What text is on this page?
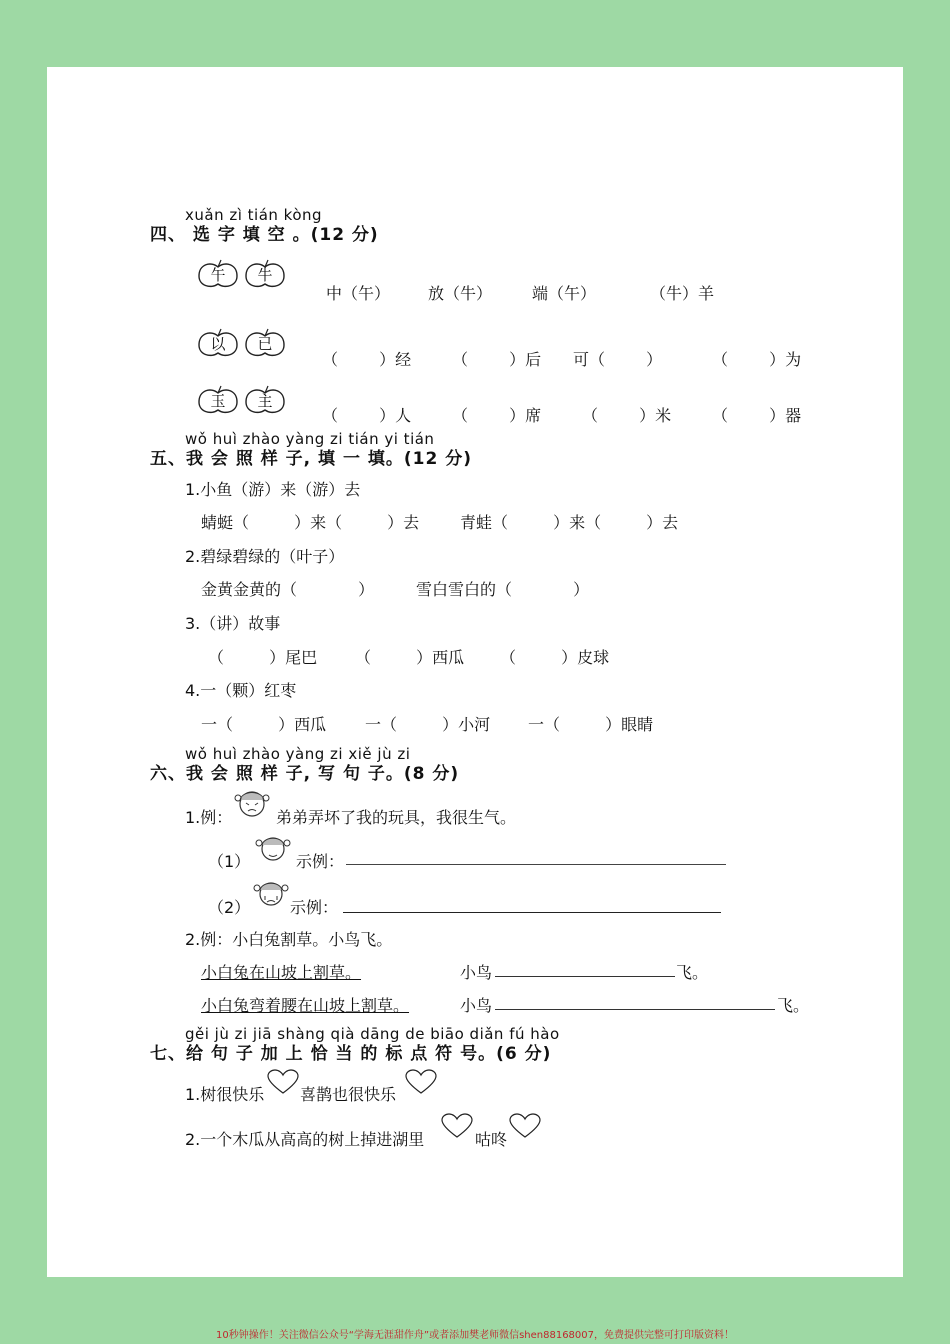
xuǎn zì tián kòng
四、 选 字 填 空 。(12 分)
午	牛
中（午） 放（牛） 端（午）	（牛）羊
以	已
（ ）经	（ ）后 可（ ）	（ ）为
玉	主
（ ）人	（ ）席	（ ）米	（ ）器
wǒ huì zhào yàng zi tián yi tián
五、我 会 照 样 子, 填 一 填。(12 分)
1.小鱼（游）来（游）去
蜻蜓（ ）来（ ）去	青蛙（ ）来（ ）去
2.碧绿碧绿的（叶子）
金黄金黄的（ ）	雪白雪白的（ ）
3.（讲）故事
（ ）尾巴 （ ）西瓜 （ ）皮球
4.一（颗）红枣
一（ ）西瓜 一（ ）小河 一（ ）眼睛
wǒ huì zhào yàng zi xiě jù zi
六、我 会 照 样 子, 写 句 子。(8 分)
1.例：	弟弟弄坏了我的玩具，我很生气。
（1）	示例：
（2） 示例：
2.例：小白兔割草。小鸟飞。
小白兔在山坡上割草。	小鸟	飞。
小白兔弯着腰在山坡上割草。	小鸟	飞。
gěi jù zi jiā shàng qià dāng de biāo diǎn fú hào
七、给 句 子 加 上 恰 当 的 标 点 符 号。(6 分)
1.树很快乐 喜鹊也很快乐
2.一个木瓜从高高的树上掉进湖里	咕咚
10秒钟操作！关注微信公众号“学海无涯甜作舟”或者添加樊老师微信shen88168007，免费提供完整可打印版资料！
